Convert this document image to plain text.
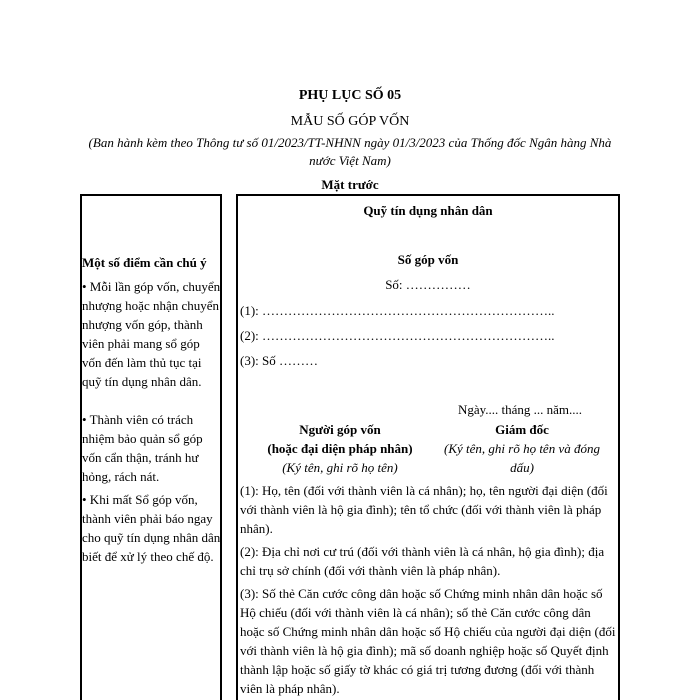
PHỤ LỤC SỐ 05
MẪU SỐ GÓP VỐN
(Ban hành kèm theo Thông tư số 01/2023/TT-NHNN ngày 01/3/2023 của Thống đốc Ngân hàng Nhà nước Việt Nam)
Mặt trước
Một số điểm cần chú ý
• Mỗi lần góp vốn, chuyển nhượng hoặc nhận chuyển nhượng vốn góp, thành viên phải mang sổ góp vốn đến làm thủ tục tại quỹ tín dụng nhân dân.
• Thành viên có trách nhiệm bảo quản sổ góp vốn cẩn thận, tránh hư hỏng, rách nát.
• Khi mất Sổ góp vốn, thành viên phải báo ngay cho quỹ tín dụng nhân dân biết để xử lý theo chế độ.
Quỹ tín dụng nhân dân
Số góp vốn
Số: ……………
(1): …………………………………………………………..
(2): …………………………………………………………..
(3): Số ………
Ngày.... tháng ... năm....
Người góp vốn
(hoặc đại diện pháp nhân)
(Ký tên, ghi rõ họ tên)
Giám đốc
(Ký tên, ghi rõ họ tên và đóng dấu)
(1): Họ, tên (đối với thành viên là cá nhân); họ, tên người đại diện (đối với thành viên là hộ gia đình); tên tổ chức (đối với thành viên là pháp nhân).
(2): Địa chỉ nơi cư trú (đối với thành viên là cá nhân, hộ gia đình); địa chỉ trụ sở chính (đối với thành viên là pháp nhân).
(3): Số thẻ Căn cước công dân hoặc số Chứng minh nhân dân hoặc số Hộ chiếu (đối với thành viên là cá nhân); số thẻ Căn cước công dân hoặc số Chứng minh nhân dân hoặc số Hộ chiếu của người đại diện (đối với thành viên là hộ gia đình); mã số doanh nghiệp hoặc số Quyết định thành lập hoặc số giấy tờ khác có giá trị tương đương (đối với thành viên là pháp nhân).
